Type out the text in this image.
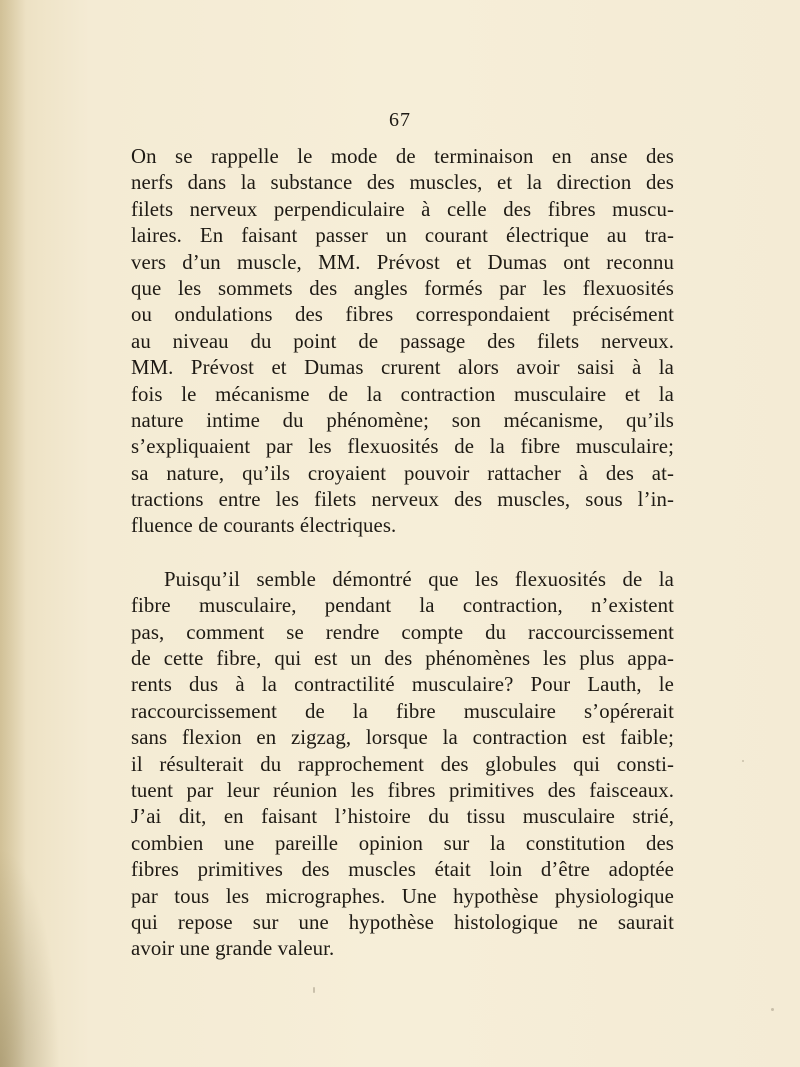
67

On se rappelle le mode de terminaison en anse des
nerfs dans la substance des muscles, et la direction des
filets nerveux perpendiculaire à celle des fibres muscu-
laires. En faisant passer un courant électrique au tra-
vers d’un muscle, MM. Prévost et Dumas ont reconnu
que les sommets des angles formés par les flexuosités
ou ondulations des fibres correspondaient précisément
au niveau du point de passage des filets nerveux.
MM. Prévost et Dumas crurent alors avoir saisi à la
fois le mécanisme de la contraction musculaire et la
nature intime du phénomène; son mécanisme, qu’ils
s’expliquaient par les flexuosités de la fibre musculaire;
sa nature, qu’ils croyaient pouvoir rattacher à des at-
tractions entre les filets nerveux des muscles, sous l’in-
fluence de courants électriques.

Puisqu’il semble démontré que les flexuosités de la
fibre musculaire, pendant la contraction, n’existent
pas, comment se rendre compte du raccourcissement
de cette fibre, qui est un des phénomènes les plus appa-
rents dus à la contractilité musculaire? Pour Lauth, le
raccourcissement de la fibre musculaire s’opérerait
sans flexion en zigzag, lorsque la contraction est faible;
il résulterait du rapprochement des globules qui consti-
tuent par leur réunion les fibres primitives des faisceaux.
J’ai dit, en faisant l’histoire du tissu musculaire strié,
combien une pareille opinion sur la constitution des
fibres primitives des muscles était loin d’être adoptée
par tous les micrographes. Une hypothèse physiologique
qui repose sur une hypothèse histologique ne saurait
avoir une grande valeur.
